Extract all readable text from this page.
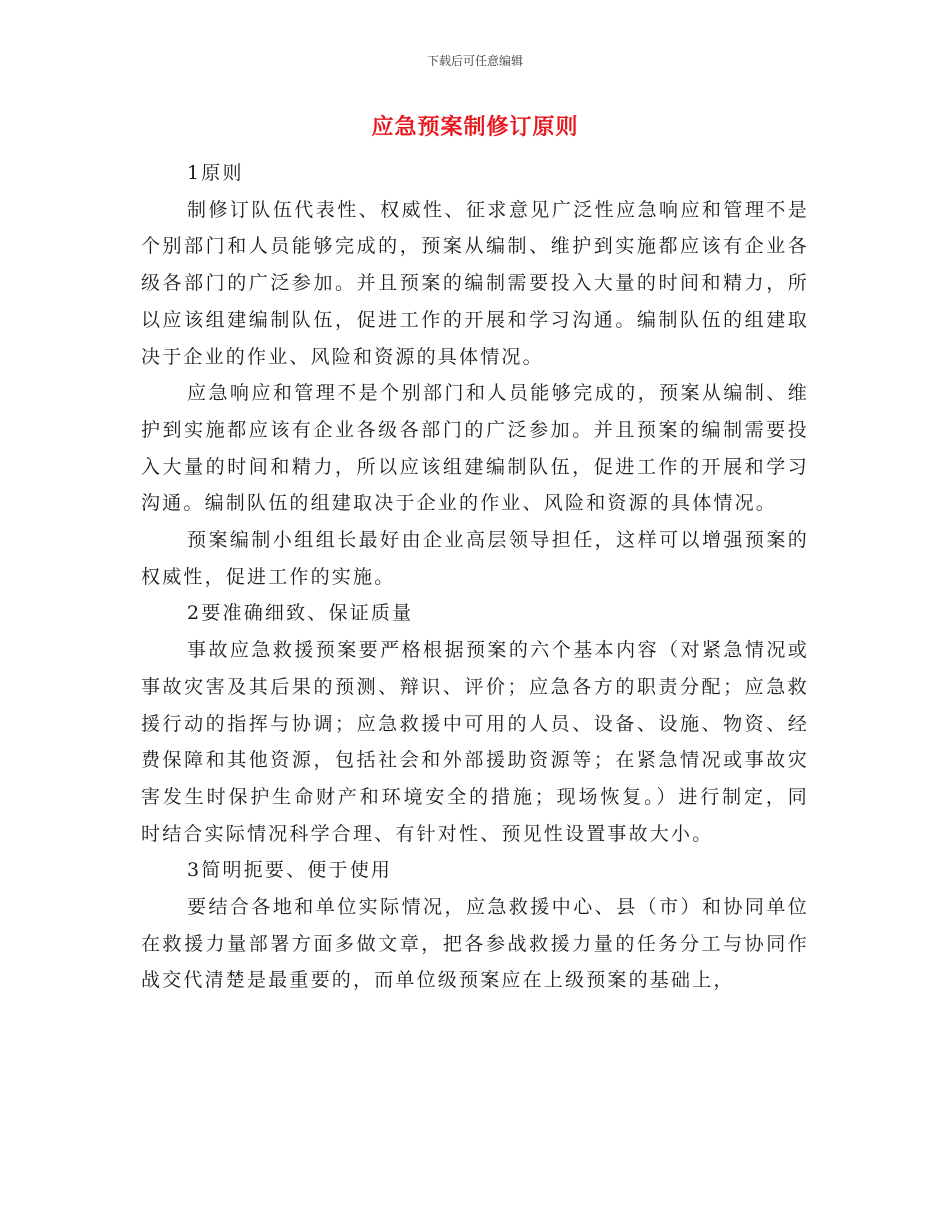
下载后可任意编辑
应急预案制修订原则

1原则

制修订队伍代表性、权威性、征求意见广泛性应急响应和管理不是个别部门和人员能够完成的，预案从编制、维护到实施都应该有企业各级各部门的广泛参加。并且预案的编制需要投入大量的时间和精力，所以应该组建编制队伍，促进工作的开展和学习沟通。编制队伍的组建取决于企业的作业、风险和资源的具体情况。

应急响应和管理不是个别部门和人员能够完成的，预案从编制、维护到实施都应该有企业各级各部门的广泛参加。并且预案的编制需要投入大量的时间和精力，所以应该组建编制队伍，促进工作的开展和学习沟通。编制队伍的组建取决于企业的作业、风险和资源的具体情况。

预案编制小组组长最好由企业高层领导担任，这样可以增强预案的权威性，促进工作的实施。

2要准确细致、保证质量

事故应急救援预案要严格根据预案的六个基本内容（对紧急情况或事故灾害及其后果的预测、辩识、评价；应急各方的职责分配；应急救援行动的指挥与协调；应急救援中可用的人员、设备、设施、物资、经费保障和其他资源，包括社会和外部援助资源等；在紧急情况或事故灾害发生时保护生命财产和环境安全的措施；现场恢复。）进行制定，同时结合实际情况科学合理、有针对性、预见性设置事故大小。

3简明扼要、便于使用

要结合各地和单位实际情况，应急救援中心、县（市）和协同单位在救援力量部署方面多做文章，把各参战救援力量的任务分工与协同作战交代清楚是最重要的，而单位级预案应在上级预案的基础上，
